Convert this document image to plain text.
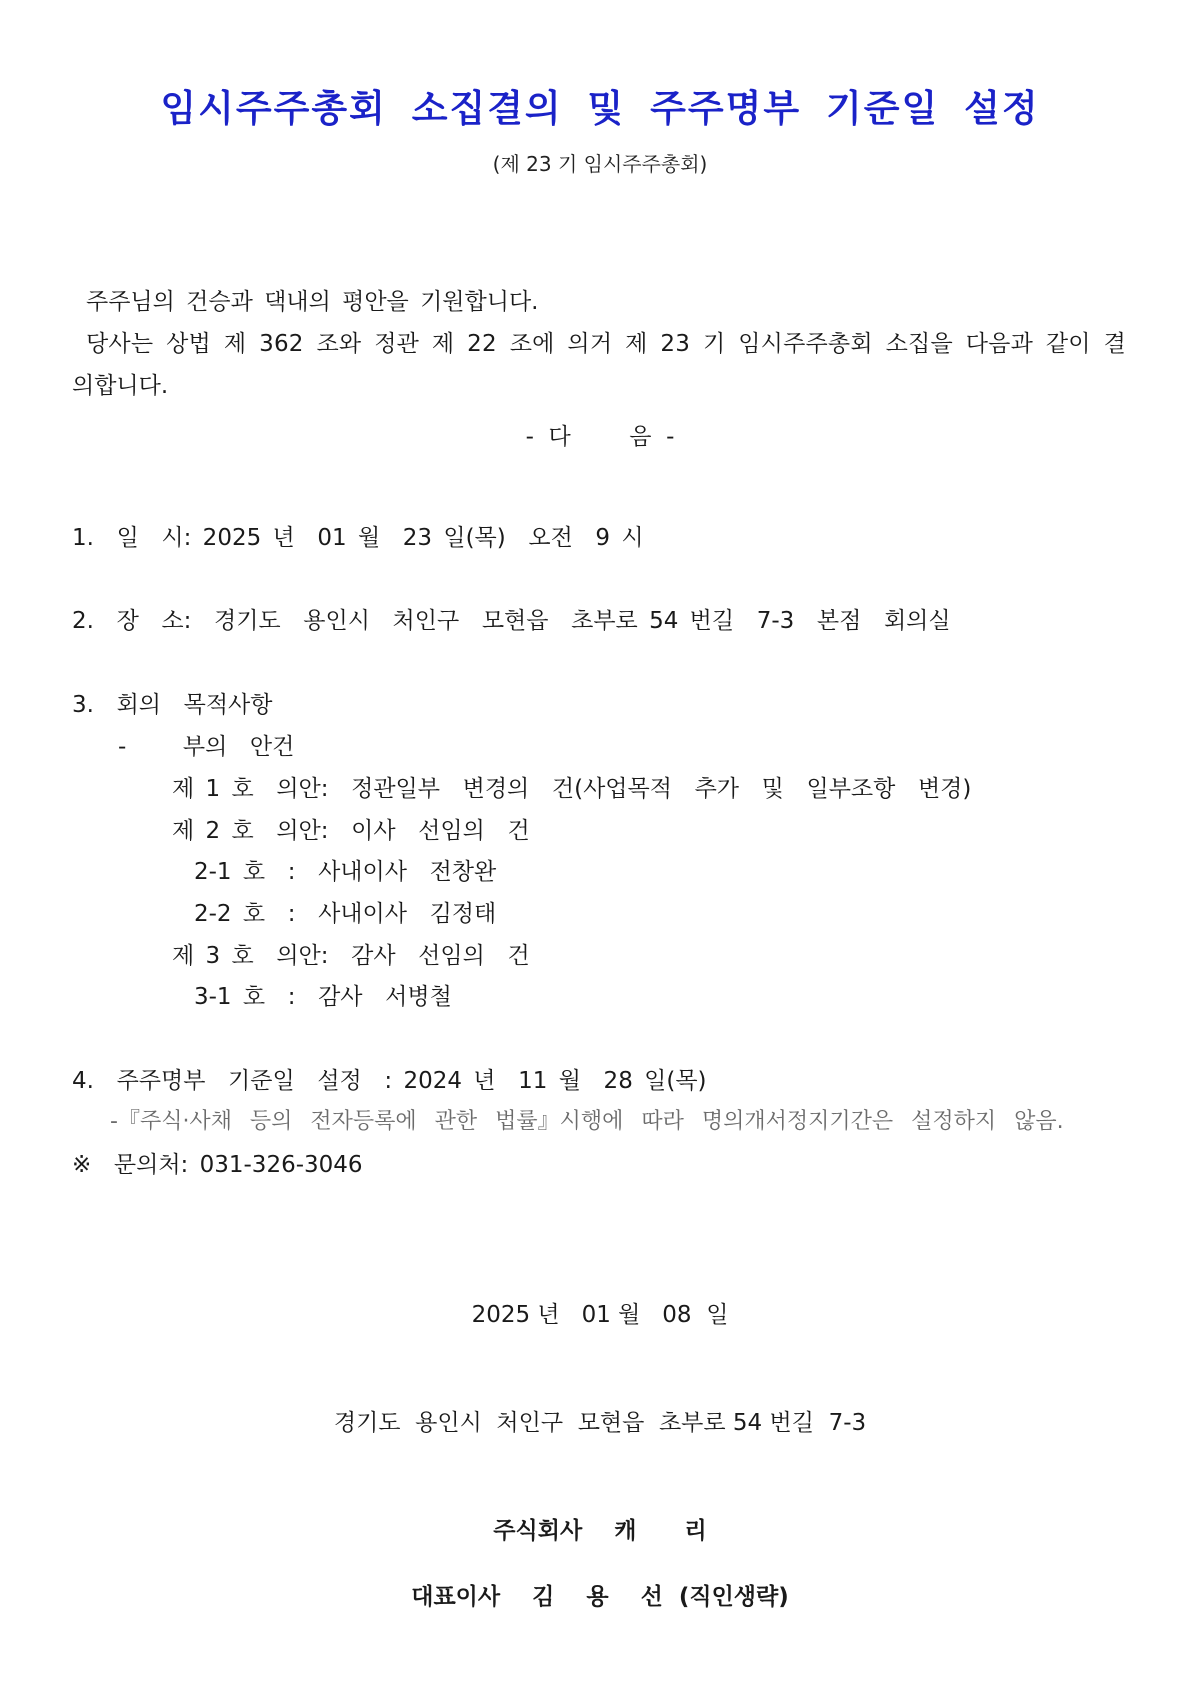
임시주주총회 소집결의 및 주주명부 기준일 설정
(제 23 기 임시주주총회)
주주님의 건승과 댁내의 평안을 기원합니다.
당사는 상법 제 362 조와 정관 제 22 조에 의거 제 23 기 임시주주총회 소집을 다음과 같이 결
의합니다.
-  다        음  -
1.  일  시: 2025 년  01 월  23 일(목)  오전  9 시
2.  장  소:  경기도  용인시  처인구  모현읍  초부로 54 번길  7-3  본점  회의실
3.  회의  목적사항
-     부의  안건
제 1 호  의안:  정관일부  변경의  건(사업목적  추가  및  일부조항  변경)
제 2 호  의안:  이사  선임의  건
2-1 호  :  사내이사  전창완
2-2 호  :  사내이사  김정태
제 3 호  의안:  감사  선임의  건
3-1 호  :  감사  서병철
4.  주주명부  기준일  설정  : 2024 년  11 월  28 일(목)
-『주식·사채  등의  전자등록에  관한  법률』시행에  따라  명의개서정지기간은  설정하지  않음.
※  문의처: 031-326-3046
2025 년   01 월   08  일
경기도  용인시  처인구  모현읍  초부로 54 번길  7-3
주식회사    캐      리
대표이사    김    용    선  (직인생략)
